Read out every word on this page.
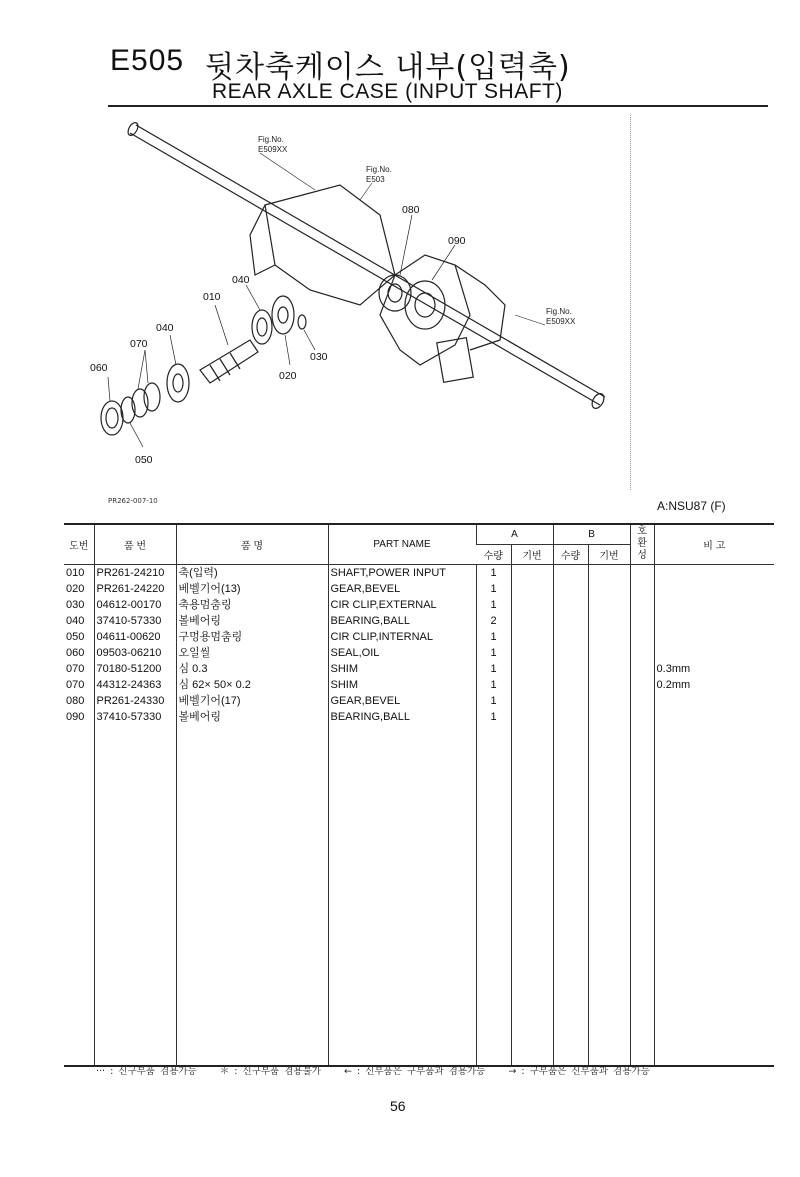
E505 뒷차축케이스 내부(입력축)
REAR AXLE CASE (INPUT SHAFT)
Fig.No.
E509XX
Fig.No.
E503
Fig.No.
E509XX
080
090
040
010
040
070
060
030
020
050
PR262-007-10	A:NSU87 (F)
도번	품 번	품 명	PART NAME	A		B		호환성	비 고
				수량	기번	수량	기번		
010	PR261-24210	축(입력)	SHAFT,POWER INPUT	1					
020	PR261-24220	베벨기어(13)	GEAR,BEVEL	1					
030	04612-00170	축용멈춤링	CIR CLIP,EXTERNAL	1					
040	37410-57330	볼베어링	BEARING,BALL	2					
050	04611-00620	구멍용멈춤링	CIR CLIP,INTERNAL	1					
060	09503-06210	오일씰	SEAL,OIL	1					
070	70180-51200	심 0.3	SHIM	1					0.3mm
070	44312-24363	심 62× 50× 0.2	SHIM	1					0.2mm
080	PR261-24330	베벨기어(17)	GEAR,BEVEL	1					
090	37410-57330	볼베어링	BEARING,BALL	1					

··· : 신구부품 겸용가능 ＊ : 신구부품 겸용불가 ← : 신부품은 구부품과 겸용가능 → : 구부품은 신부품과 겸용가능
56
